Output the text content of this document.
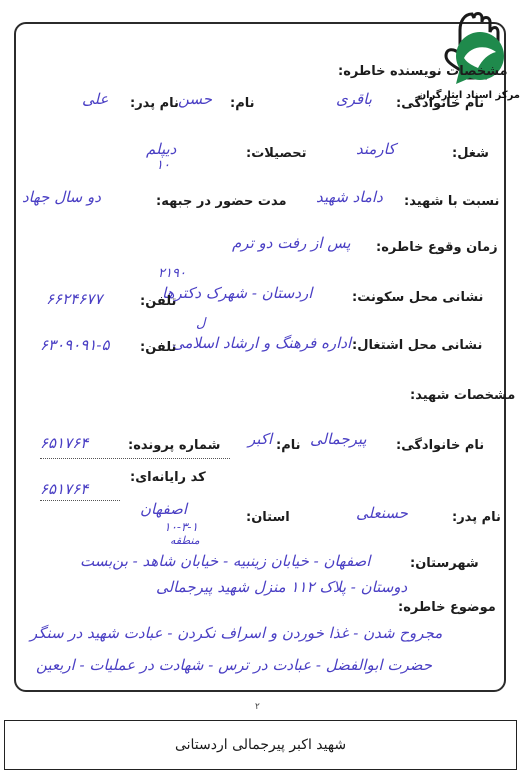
مرکز اسناد ایثارگران
مشخصات نویسنده خاطره:
نام خانوادگی:
باقری
نام:
حسن
نام پدر:
علی
شغل:
کارمند
تحصیلات:
دیپلم
۱۰
نسبت با شهید:
داماد شهید
مدت حضور در جبهه:
دو سال جهاد
زمان وقوع خاطره:
پس از رفت دو ترم
نشانی محل سکونت:
۲۱۹۰
اردستان - شهرک دکترها
تلفن:
۶۶۲۴۶۷۷
نشانی محل اشتغال:
ل
اداره فرهنگ و ارشاد اسلامی
تلفن:
۶۳۰۹۰۹۱-۵
مشخصات شهید:
نام خانوادگی:
پیرجمالی
نام:
اکبر
شماره پرونده:
۶۵۱۷۶۴
کد رایانه‌ای:
۶۵۱۷۶۴
نام پدر:
حسنعلی
استان:
اصفهان
۱۰-۳-۱
منطقه
شهرستان:
اصفهان - خیابان زینبیه - خیابان شاهد - بن‌بست
دوستان - پلاک ۱۱۲ منزل شهید پیرجمالی
موضوع خاطره:
مجروح شدن - غذا خوردن و اسراف نکردن - عبادت شهید در سنگر
حضرت ابوالفضل - عبادت در ترس - شهادت در عملیات - اربعین
۲
شهید اکبر پیرجمالی اردستانی
